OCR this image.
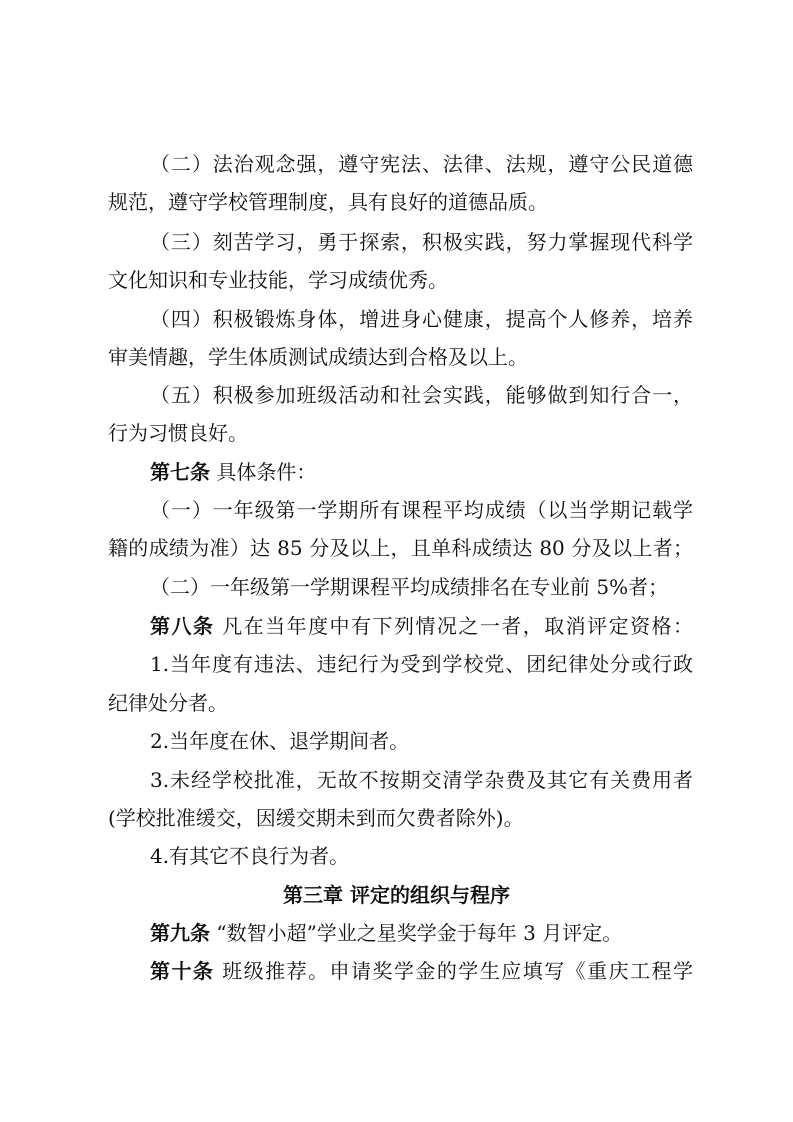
（二）法治观念强，遵守宪法、法律、法规，遵守公民道德
规范，遵守学校管理制度，具有良好的道德品质。
（三）刻苦学习，勇于探索，积极实践，努力掌握现代科学
文化知识和专业技能，学习成绩优秀。
（四）积极锻炼身体，增进身心健康，提高个人修养，培养
审美情趣，学生体质测试成绩达到合格及以上。
（五）积极参加班级活动和社会实践，能够做到知行合一，
行为习惯良好。
第七条 具体条件：
（一）一年级第一学期所有课程平均成绩（以当学期记载学
籍的成绩为准）达 85 分及以上，且单科成绩达 80 分及以上者；
（二）一年级第一学期课程平均成绩排名在专业前 5%者；
第八条 凡在当年度中有下列情况之一者，取消评定资格：
1.当年度有违法、违纪行为受到学校党、团纪律处分或行政
纪律处分者。
2.当年度在休、退学期间者。
3.未经学校批准，无故不按期交清学杂费及其它有关费用者
(学校批准缓交，因缓交期未到而欠费者除外)。
4.有其它不良行为者。
第三章 评定的组织与程序
第九条 “数智小超”学业之星奖学金于每年 3 月评定。
第十条 班级推荐。申请奖学金的学生应填写《重庆工程学
